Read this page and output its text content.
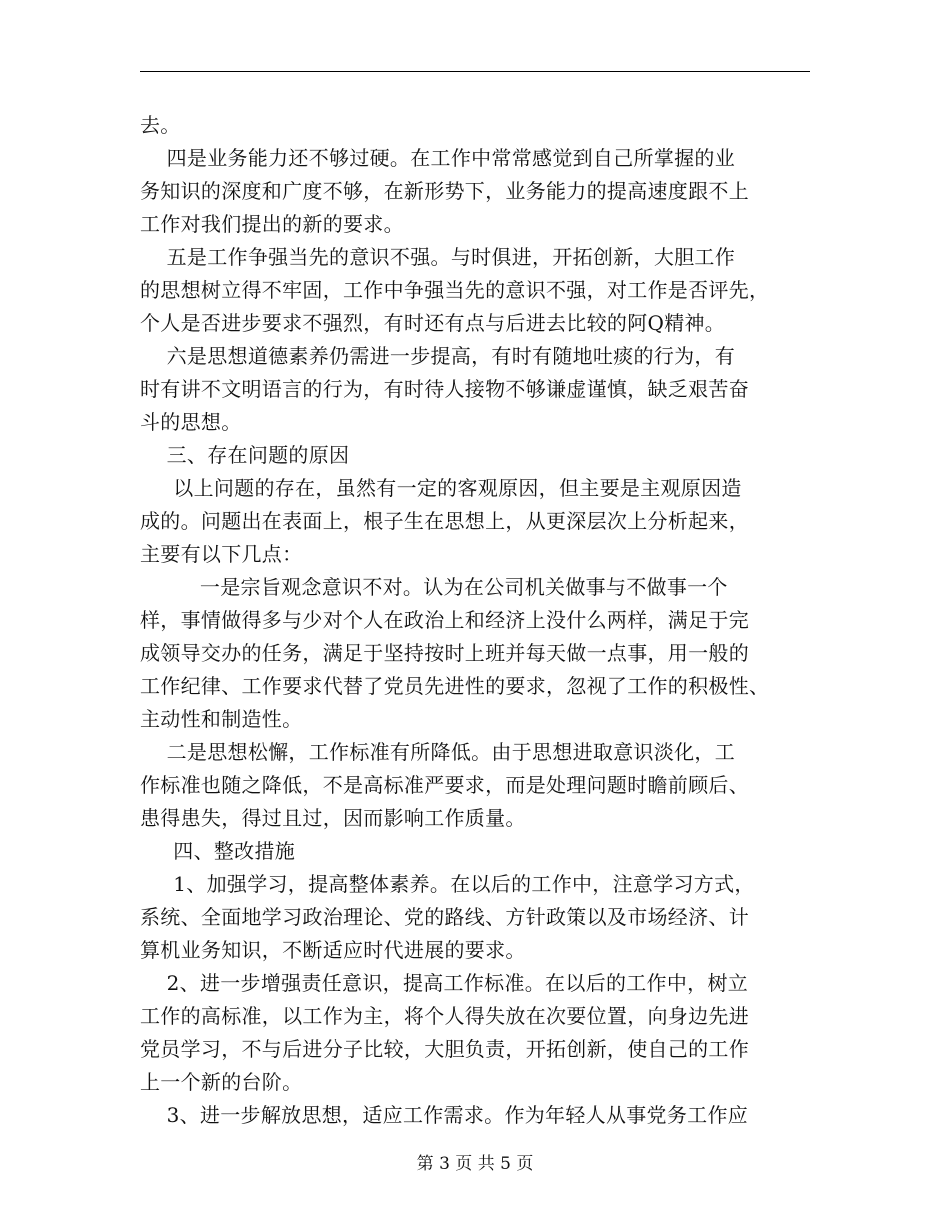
去。
四是业务能力还不够过硬。在工作中常常感觉到自己所掌握的业
务知识的深度和广度不够，在新形势下，业务能力的提高速度跟不上
工作对我们提出的新的要求。
五是工作争强当先的意识不强。与时俱进，开拓创新，大胆工作
的思想树立得不牢固，工作中争强当先的意识不强，对工作是否评先，
个人是否进步要求不强烈，有时还有点与后进去比较的阿Q精神。
六是思想道德素养仍需进一步提高，有时有随地吐痰的行为，有
时有讲不文明语言的行为，有时待人接物不够谦虚谨慎，缺乏艰苦奋
斗的思想。
三、存在问题的原因
以上问题的存在，虽然有一定的客观原因，但主要是主观原因造
成的。问题出在表面上，根子生在思想上，从更深层次上分析起来，
主要有以下几点：
一是宗旨观念意识不对。认为在公司机关做事与不做事一个
样，事情做得多与少对个人在政治上和经济上没什么两样，满足于完
成领导交办的任务，满足于坚持按时上班并每天做一点事，用一般的
工作纪律、工作要求代替了党员先进性的要求，忽视了工作的积极性、
主动性和制造性。
二是思想松懈，工作标准有所降低。由于思想进取意识淡化，工
作标准也随之降低，不是高标准严要求，而是处理问题时瞻前顾后、
患得患失，得过且过，因而影响工作质量。
四、整改措施
1、加强学习，提高整体素养。在以后的工作中，注意学习方式，
系统、全面地学习政治理论、党的路线、方针政策以及市场经济、计
算机业务知识，不断适应时代进展的要求。
2、进一步增强责任意识，提高工作标准。在以后的工作中，树立
工作的高标准，以工作为主，将个人得失放在次要位置，向身边先进
党员学习，不与后进分子比较，大胆负责，开拓创新，使自己的工作
上一个新的台阶。
3、进一步解放思想，适应工作需求。作为年轻人从事党务工作应
第 3 页 共 5 页
